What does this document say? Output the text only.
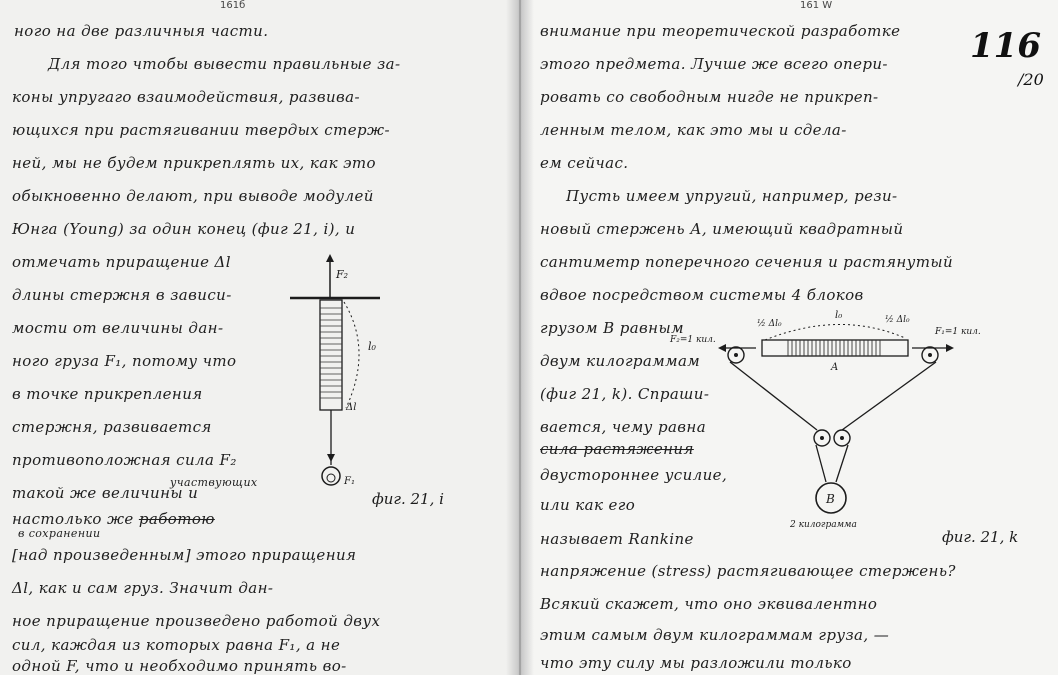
161б
ного на две различныя части.
Для того чтобы вывести правильные за-
коны упругаго взаимодействия, развива-
ющихся при растягивании твердых стерж-
ней, мы не будем прикреплять их, как это
обыкновенно делают, при выводе модулей
Юнга (Young) за один конец (фиг 21, i), и
отмечать приращение Δl
длины стержня в зависи-
мости от величины дан-
ного груза F₁, потому что
в точке прикрепления
стержня, развивается
противоположная сила F₂
такой же величины и
участвующих
настолько же работою
в сохранении
[над произведенным] этого приращения
Δl, как и сам груз. Значит дан-
ное приращение произведено работой двух
сил, каждая из которых равна F₁, а не
одной F, что и необходимо принять во-
F₂
l₀
Δl
F₁
фиг. 21, i
161 W
116
/20
внимание при теоретической разработке
этого предмета. Лучше же всего опери-
ровать со свободным нигде не прикреп-
ленным телом, как это мы и сдела-
ем сейчас.
Пусть имеем упругий, например, рези-
новый стержень А, имеющий квадратный
сантиметр поперечного сечения и растянутый
вдвое посредством системы 4 блоков
грузом В равным
двум килограммам
(фиг 21, k). Спраши-
вается, чему равна
сила растяжения
двустороннее усилие,
или как его
называет Rankine
напряжение (stress) растягивающее стержень?
Всякий скажет, что оно эквивалентно
этим самым двум килограммам груза, —
что эту силу мы разложили только
F₂=1 кил.
F₁=1 кил.
½ Δl₀	½ Δl₀
l₀
A
B
2 килограмма
фиг. 21, k
